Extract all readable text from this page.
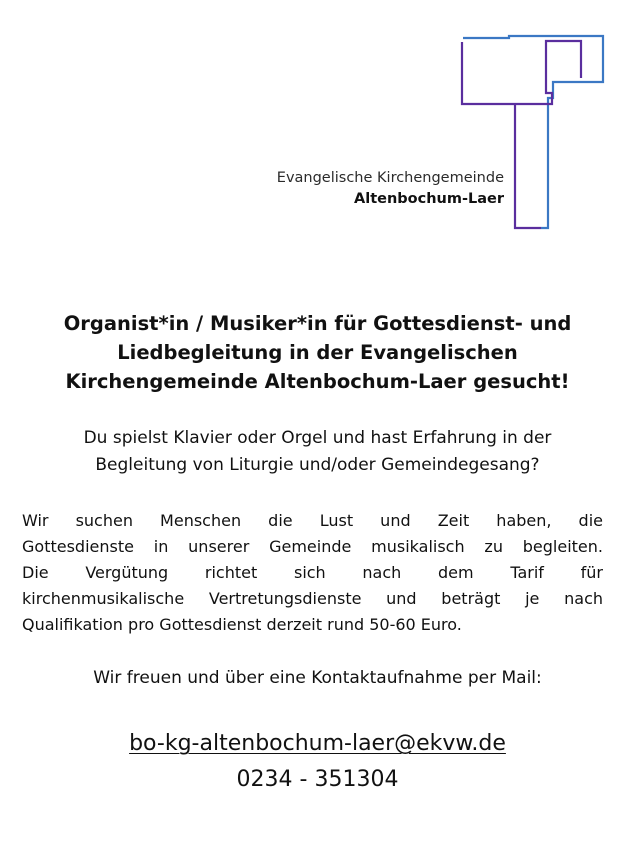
Evangelische Kirchengemeinde
Altenbochum-Laer
Organist*in / Musiker*in für Gottesdienst- und
Liedbegleitung in der Evangelischen
Kirchengemeinde Altenbochum-Laer gesucht!
Du spielst Klavier oder Orgel und hast Erfahrung in der
Begleitung von Liturgie und/oder Gemeindegesang?
Wir suchen Menschen die Lust und Zeit haben, die
Gottesdienste in unserer Gemeinde musikalisch zu begleiten.
Die Vergütung richtet sich nach dem Tarif für
kirchenmusikalische Vertretungsdienste und beträgt je nach
Qualifikation pro Gottesdienst derzeit rund 50-60 Euro.
Wir freuen und über eine Kontaktaufnahme per Mail:
bo-kg-altenbochum-laer@ekvw.de
0234 - 351304
